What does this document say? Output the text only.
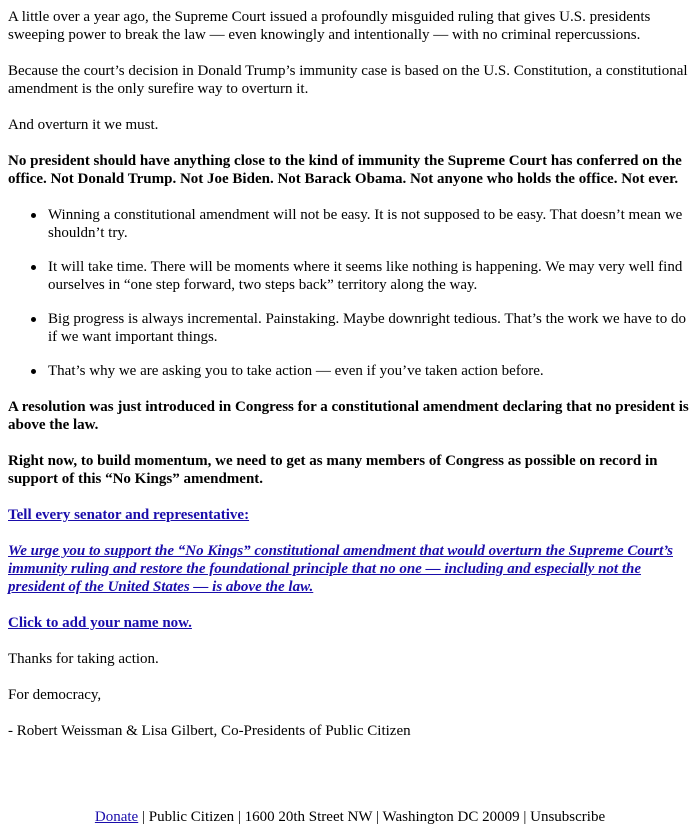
A little over a year ago, the Supreme Court issued a profoundly misguided ruling that gives U.S. presidents sweeping power to break the law — even knowingly and intentionally — with no criminal repercussions.

Because the court’s decision in Donald Trump’s immunity case is based on the U.S. Constitution, a constitutional amendment is the only surefire way to overturn it.

And overturn it we must.

No president should have anything close to the kind of immunity the Supreme Court has conferred on the office. Not Donald Trump. Not Joe Biden. Not Barack Obama. Not anyone who holds the office. Not ever.

Winning a constitutional amendment will not be easy. It is not supposed to be easy. That doesn’t mean we shouldn’t try.
It will take time. There will be moments where it seems like nothing is happening. We may very well find ourselves in “one step forward, two steps back” territory along the way.
Big progress is always incremental. Painstaking. Maybe downright tedious. That’s the work we have to do if we want important things.
That’s why we are asking you to take action — even if you’ve taken action before.

A resolution was just introduced in Congress for a constitutional amendment declaring that no president is above the law.

Right now, to build momentum, we need to get as many members of Congress as possible on record in support of this “No Kings” amendment.

Tell every senator and representative:

We urge you to support the “No Kings” constitutional amendment that would overturn the Supreme Court’s immunity ruling and restore the foundational principle that no one — including and especially not the president of the United States — is above the law.

Click to add your name now.

Thanks for taking action.

For democracy,

- Robert Weissman & Lisa Gilbert, Co-Presidents of Public Citizen

Donate | Public Citizen | 1600 20th Street NW | Washington DC 20009 | Unsubscribe
